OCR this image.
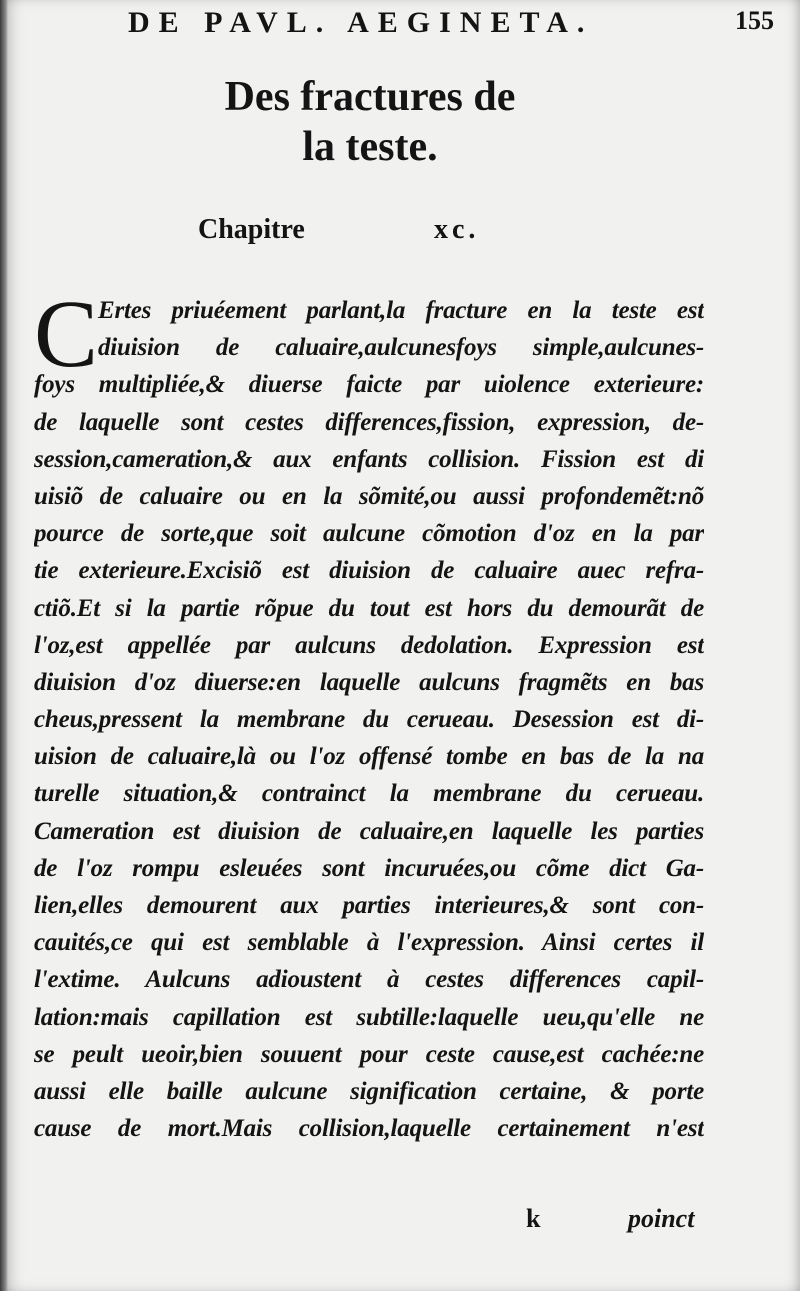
DE PAVL. AEGINETA.	155
Des fractures de
la teste.
Chapitre	xc.
C Ertes priuéement parlant,la fracture en la teste est
diuision de caluaire,aulcunesfoys simple,aulcunes-
foys multipliée,& diuerse faicte par uiolence exterieure:
de laquelle sont cestes differences,fission, expression, de-
session,cameration,& aux enfants collision. Fission est di
uisiõ de caluaire ou en la sõmité,ou aussi profondemẽt:nõ
pource de sorte,que soit aulcune cõmotion d'oz en la par
tie exterieure.Excisiõ est diuision de caluaire auec refra-
ctiõ.Et si la partie rõpue du tout est hors du demourãt de
l'oz,est appellée par aulcuns dedolation. Expression est
diuision d'oz diuerse:en laquelle aulcuns fragmẽts en bas
cheus,pressent la membrane du cerueau. Desession est di-
uision de caluaire,là ou l'oz offensé tombe en bas de la na
turelle situation,& contrainct la membrane du cerueau.
Cameration est diuision de caluaire,en laquelle les parties
de l'oz rompu esleuées sont incuruées,ou cõme dict Ga-
lien,elles demourent aux parties interieures,& sont con-
cauités,ce qui est semblable à l'expression. Ainsi certes il
l'extime. Aulcuns adioustent à cestes differences capil-
lation:mais capillation est subtille:laquelle ueu,qu'elle ne
se peult ueoir,bien souuent pour ceste cause,est cachée:ne
aussi elle baille aulcune signification certaine, & porte
cause de mort.Mais collision,laquelle certainement n'est
k	poinct
